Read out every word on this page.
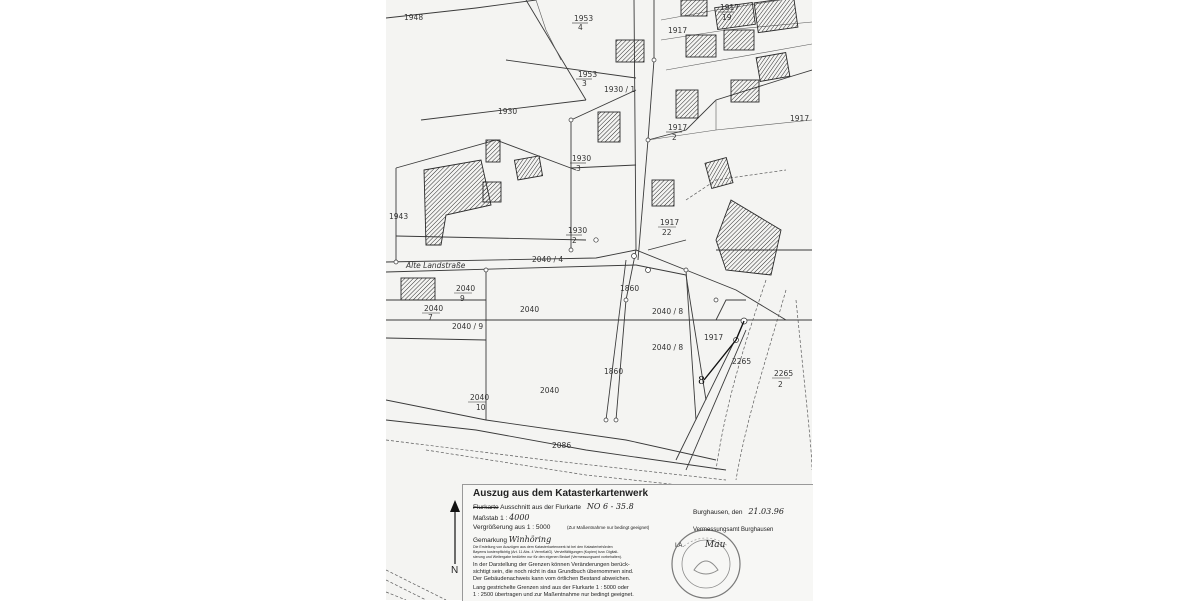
1948	1953
4
1953
3
1930 / 1
1930
1930
3
1930
2
1943
1917
1917
19
1917
2
1917
22
1917
1917
Alte Landstraße
2040 / 4
1860
1860
2040
9
2040
7
2040 / 9
2040	2040 / 8
2040 / 8
2040
2040
10
2086
2265
2265
2
8
N
Auszug aus dem Katasterkartenwerk
Flurkarte Ausschnitt aus der Flurkarte NO 6 - 35.8
Maßstab 1 : 4000
Vergrößerung aus 1 : 5000	(Zur Maßentnahme nur bedingt geeignet)
Gemarkung Winhöring
Die Erstellung von Auszügen aus dem Katasterkartenwerk ist bei den Katasterbehörden
Bayerns kostenpflichtig (Art. 11 Abs. 4 VermKatG). Vervielfältigungen (Kopien) bzw. Digitali-
sierung und Weitergabe bedürfen nur für den eigenen Bedarf (Vermessungsamt vorbehalten).
In der Darstellung der Grenzen können Veränderungen berück-
sichtigt sein, die noch nicht in das Grundbuch übernommen sind.
Der Gebäudenachweis kann vom örtlichen Bestand abweichen.
Lang gestrichelte Grenzen sind aus der Flurkarte 1 : 5000 oder
1 : 2500 übertragen und zur Maßentnahme nur bedingt geeignet.
Burghausen, den 21.03.96
Vermessungsamt Burghausen
I.A. Mau
